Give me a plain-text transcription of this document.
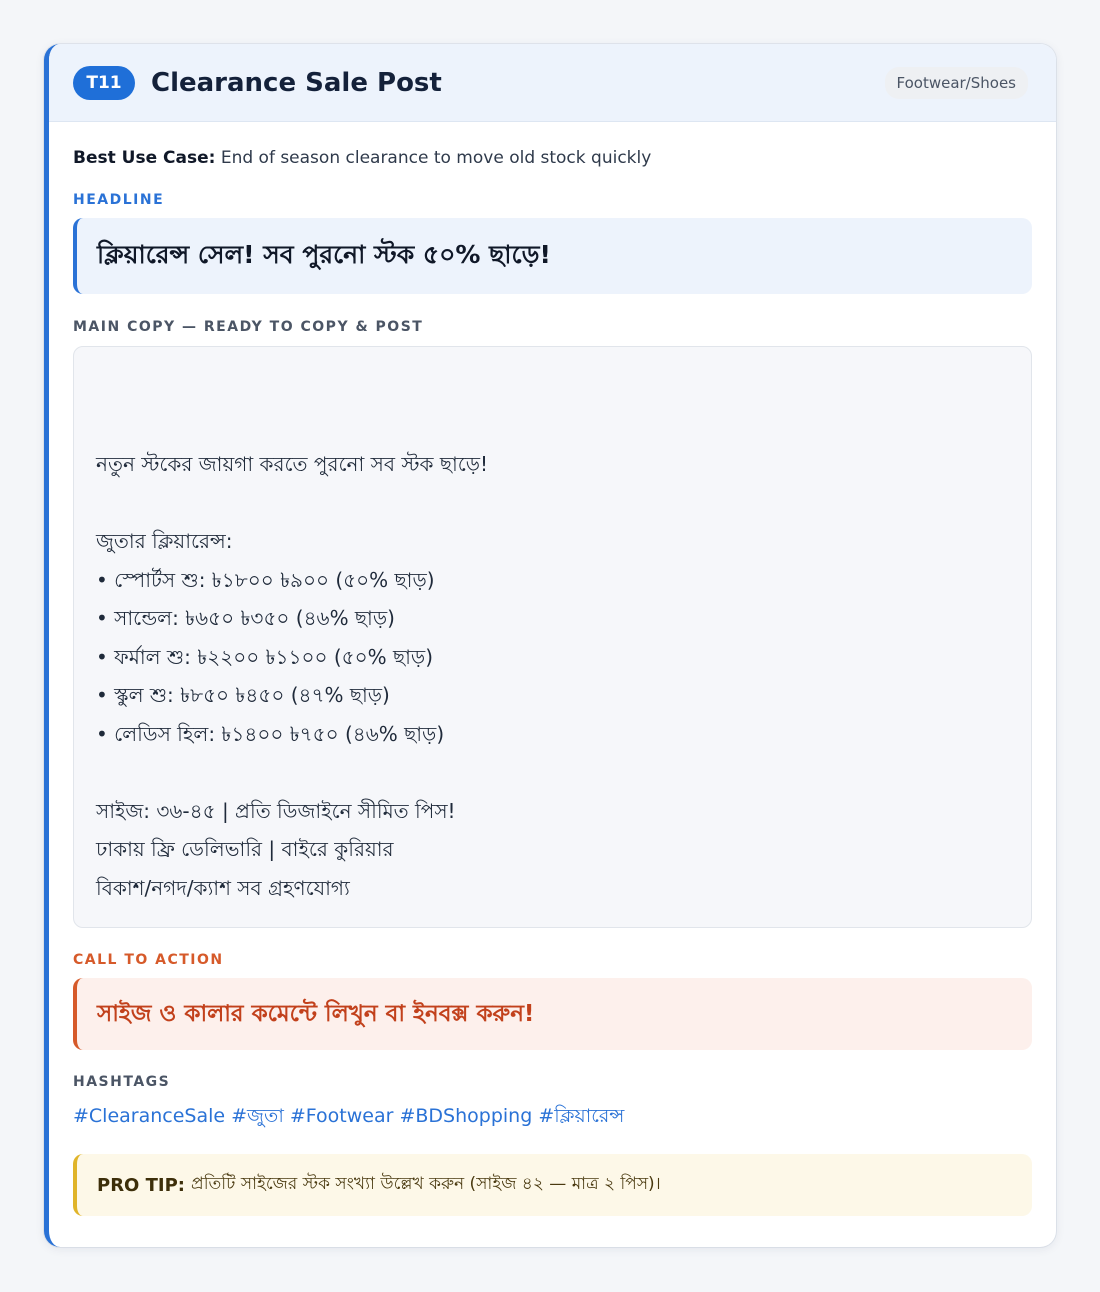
T11	Clearance Sale Post	Footwear/Shoes
Best Use Case: End of season clearance to move old stock quickly
HEADLINE
ক্লিয়ারেন্স সেল! সব পুরনো স্টক ৫০% ছাড়ে!
MAIN COPY — READY TO COPY & POST
নতুন স্টকের জায়গা করতে পুরনো সব স্টক ছাড়ে!
জুতার ক্লিয়ারেন্স:
• স্পোর্টস শু: ৳১৮০০ ৳৯০০ (৫০% ছাড়)
• সান্ডেল: ৳৬৫০ ৳৩৫০ (৪৬% ছাড়)
• ফর্মাল শু: ৳২২০০ ৳১১০০ (৫০% ছাড়)
• স্কুল শু: ৳৮৫০ ৳৪৫০ (৪৭% ছাড়)
• লেডিস হিল: ৳১৪০০ ৳৭৫০ (৪৬% ছাড়)
সাইজ: ৩৬-৪৫ | প্রতি ডিজাইনে সীমিত পিস!
ঢাকায় ফ্রি ডেলিভারি | বাইরে কুরিয়ার
বিকাশ/নগদ/ক্যাশ সব গ্রহণযোগ্য
CALL TO ACTION
সাইজ ও কালার কমেন্টে লিখুন বা ইনবক্স করুন!
HASHTAGS
#ClearanceSale #জুতা #Footwear #BDShopping #ক্লিয়ারেন্স
PRO TIP: প্রতিটি সাইজের স্টক সংখ্যা উল্লেখ করুন (সাইজ ৪২ — মাত্র ২ পিস)।
